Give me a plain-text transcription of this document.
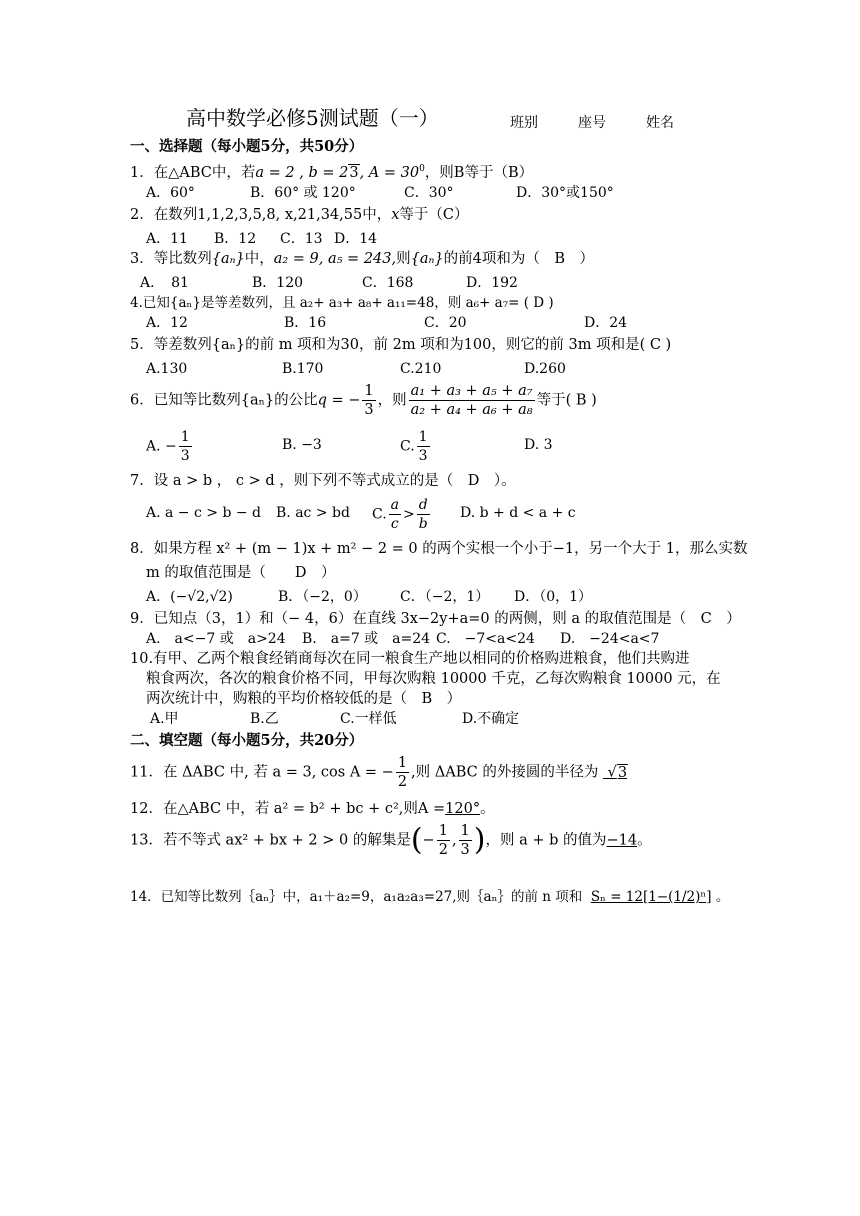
高中数学必修5测试题（一）	班别	座号	姓名
一、选择题（每小题5分，共50分）
1．在△ABC中，若a = 2 , b = 23, $A = 30^0$，则B等于（B）
A．60°	B．60° 或 120°	C．30°	D．30°或150°
2．在数列1,1,2,3,5,8, x,21,34,55中，x等于（C）
A．11 B．12 C．13 D．14
3．等比数列{aₙ}中，a₂ = 9, a₅ = 243,则{aₙ}的前4项和为（　B　）
A．　81	B．120	C．168	D．192
4.已知{aₙ}是等差数列，且 a₂+ a₃+ a₈+ a₁₁=48，则 a₆+ a₇= ( D )
A．12	B．16	C．20	D．24
5．等差数列{aₙ}的前 m 项和为30，前 2m 项和为100，则它的前 3m 项和是( C )
A.130	B.170	C.210	D.260
6．已知等比数列{aₙ}的公比q = − $\frac{1}{3}$ ，则 $\frac{\text{a₁ + a₃ + a₅ + a₇}}{\text{a₂ + a₄ + a₆ + a₈}}$ 等于( B )
A. − $\frac{1}{3}$	B. −3	C. $\frac{1}{3}$	D. 3
7．设 a > b ， c > d ，则下列不等式成立的是（　D　）。
A. a − c > b − d B. ac > bd C. $\frac{a}{c} > \frac{d}{b} D$. b + d < a + c
8．如果方程 x² + (m − 1)x + m² − 2 = 0 的两个实根一个小于−1，另一个大于 1，那么实数
m 的取值范围是（　　D　）
A．(−√2,√2)	B．（−2，0） C．（−2，1） D．（0，1）
9．已知点（3，1）和（− 4，6）在直线 3x−2y+a=0 的两侧，则 a 的取值范围是（　C　）
A.　a<−7 或　a>24 B.　a=7 或　a=24 C.　−7<a<24 D.　−24<a<7
10.有甲、乙两个粮食经销商每次在同一粮食生产地以相同的价格购进粮食，他们共购进
粮食两次，各次的粮食价格不同，甲每次购粮 10000 千克，乙每次购粮食 10000 元，在
两次统计中，购粮的平均价格较低的是（　B　）
A.甲	B.乙	C.一样低	D.不确定
二、填空题（每小题5分，共20分）
11．在 ΔABC 中, 若 a = 3, cos A = − $\frac{1}{2}$ ,则 ΔABC 的外接圆的半径为  √3
12．在△ABC 中，若 a² = b² + bc + c²,则A =120°。
13．若不等式 ax² + bx + 2 > 0 的解集是(− $\frac{1}{2}$ , $\frac{1}{3}$ )，则 a + b 的值为−14。
14．已知等比数列｛aₙ｝中，a₁＋a₂=9，a₁a₂a₃=27,则｛aₙ｝的前 n 项和 Sₙ = 12[1−(1/2)ⁿ] 。
